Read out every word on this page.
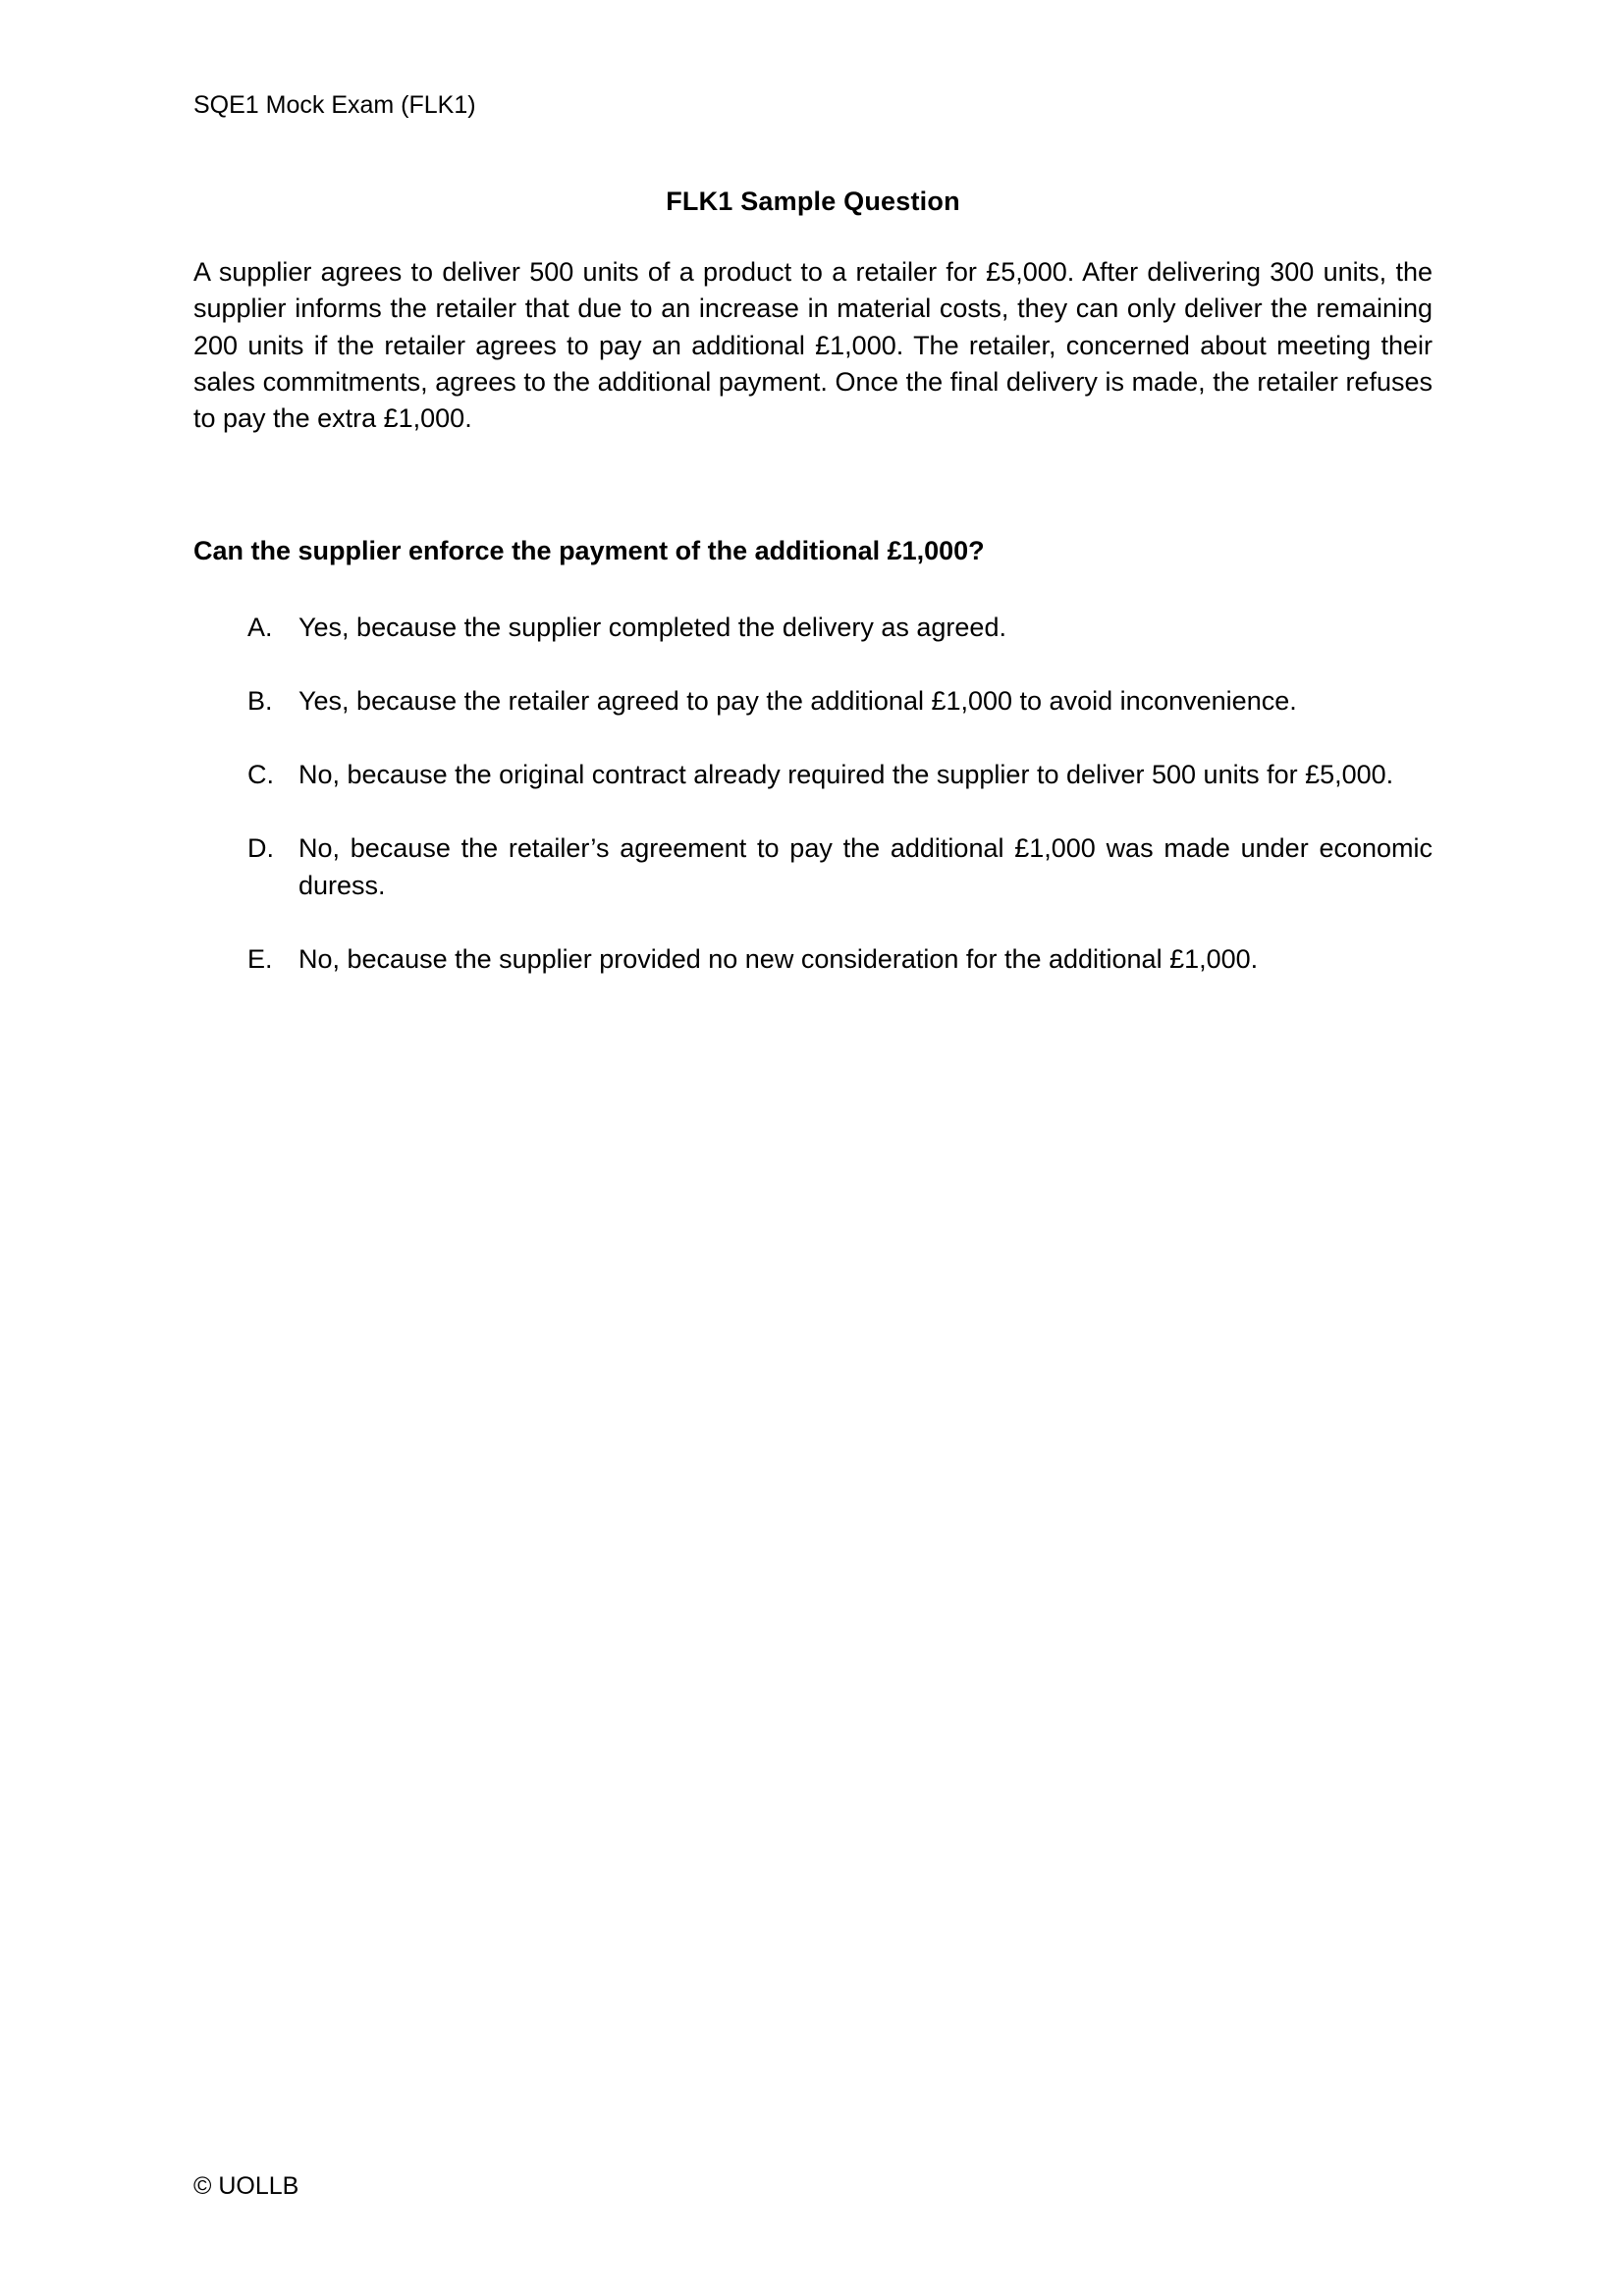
SQE1 Mock Exam (FLK1)
FLK1 Sample Question

A supplier agrees to deliver 500 units of a product to a retailer for £5,000. After delivering 300 units, the supplier informs the retailer that due to an increase in material costs, they can only deliver the remaining 200 units if the retailer agrees to pay an additional £1,000. The retailer, concerned about meeting their sales commitments, agrees to the additional payment. Once the final delivery is made, the retailer refuses to pay the extra £1,000.

Can the supplier enforce the payment of the additional £1,000?

A. Yes, because the supplier completed the delivery as agreed.
B. Yes, because the retailer agreed to pay the additional £1,000 to avoid inconvenience.
C. No, because the original contract already required the supplier to deliver 500 units for £5,000.
D. No, because the retailer’s agreement to pay the additional £1,000 was made under economic duress.
E. No, because the supplier provided no new consideration for the additional £1,000.
© UOLLB
